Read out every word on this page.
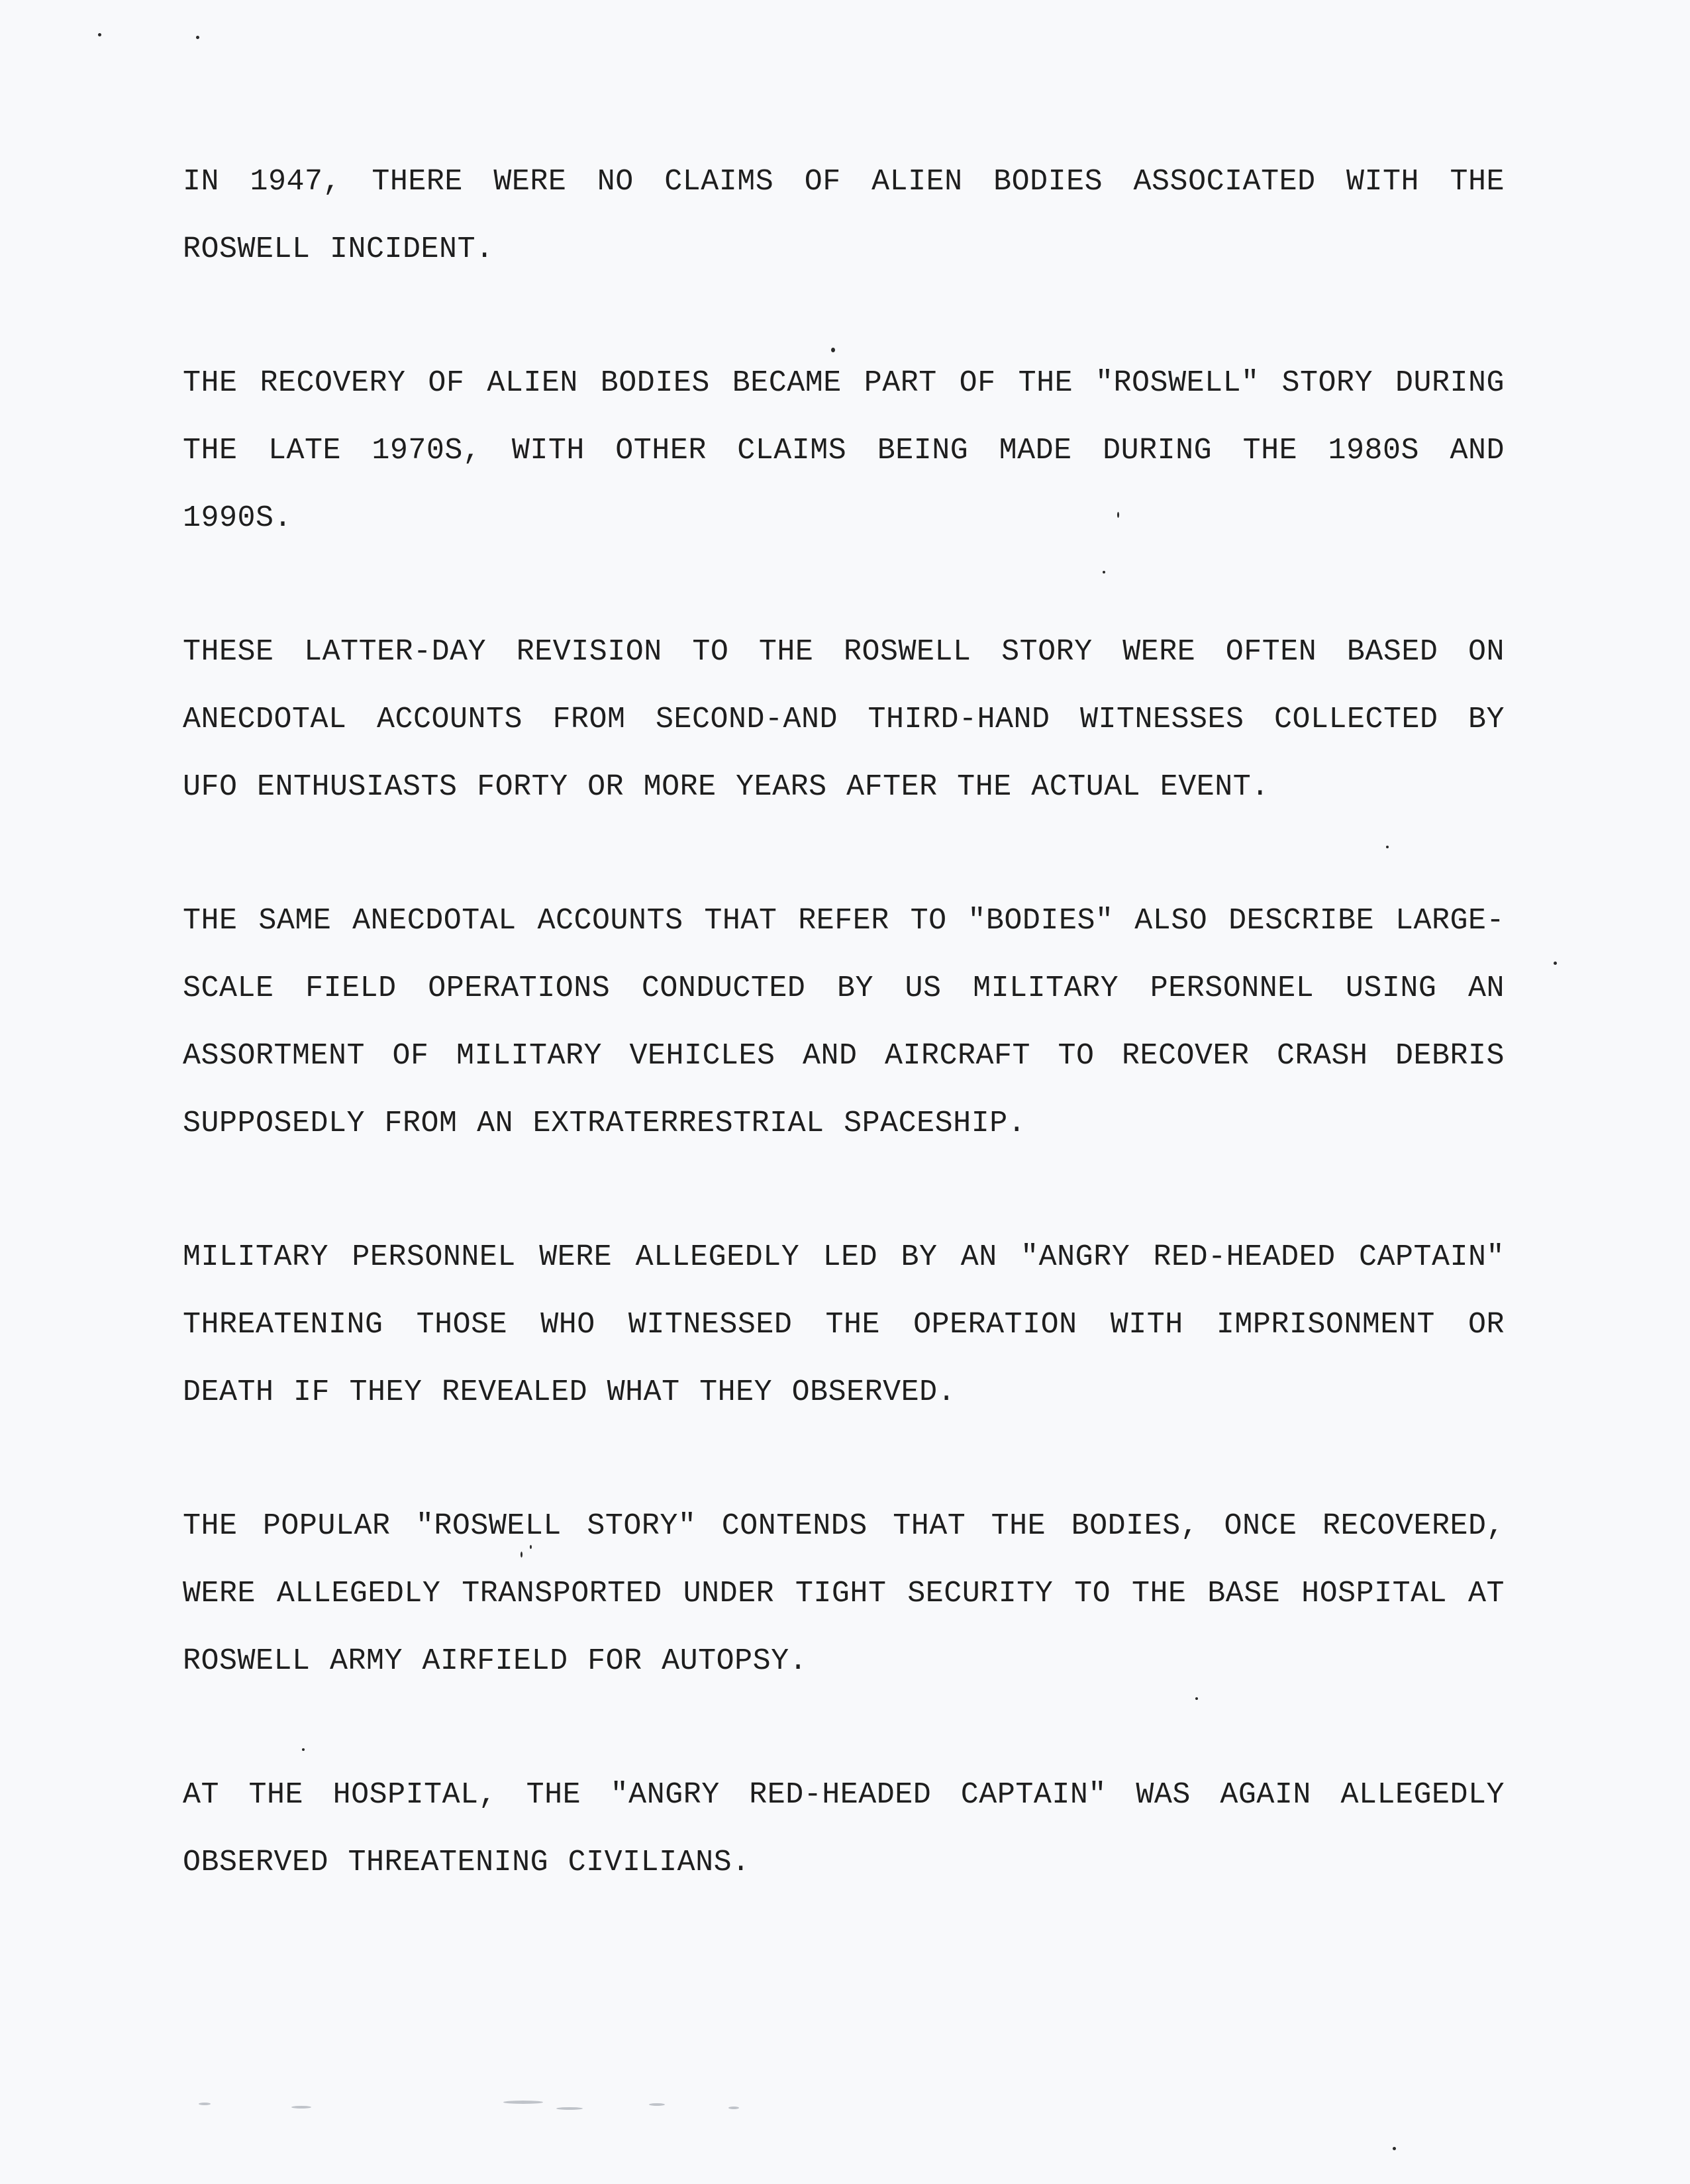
IN 1947, THERE WERE NO CLAIMS OF ALIEN BODIES ASSOCIATED WITH THE ROSWELL INCIDENT.

THE RECOVERY OF ALIEN BODIES BECAME PART OF THE "ROSWELL" STORY DURING THE LATE 1970S, WITH OTHER CLAIMS BEING MADE DURING THE 1980S AND 1990S.

THESE LATTER-DAY REVISION TO THE ROSWELL STORY WERE OFTEN BASED ON ANECDOTAL ACCOUNTS FROM SECOND-AND THIRD-HAND WITNESSES COLLECTED BY UFO ENTHUSIASTS FORTY OR MORE YEARS AFTER THE ACTUAL EVENT.

THE SAME ANECDOTAL ACCOUNTS THAT REFER TO "BODIES" ALSO DESCRIBE LARGE-SCALE FIELD OPERATIONS CONDUCTED BY US MILITARY PERSONNEL USING AN ASSORTMENT OF MILITARY VEHICLES AND AIRCRAFT TO RECOVER CRASH DEBRIS SUPPOSEDLY FROM AN EXTRATERRESTRIAL SPACESHIP.

MILITARY PERSONNEL WERE ALLEGEDLY LED BY AN "ANGRY RED-HEADED CAPTAIN" THREATENING THOSE WHO WITNESSED THE OPERATION WITH IMPRISONMENT OR DEATH IF THEY REVEALED WHAT THEY OBSERVED.

THE POPULAR "ROSWELL STORY" CONTENDS THAT THE BODIES, ONCE RECOVERED, WERE ALLEGEDLY TRANSPORTED UNDER TIGHT SECURITY TO THE BASE HOSPITAL AT ROSWELL ARMY AIRFIELD FOR AUTOPSY.

AT THE HOSPITAL, THE "ANGRY RED-HEADED CAPTAIN" WAS AGAIN ALLEGEDLY OBSERVED THREATENING CIVILIANS.
